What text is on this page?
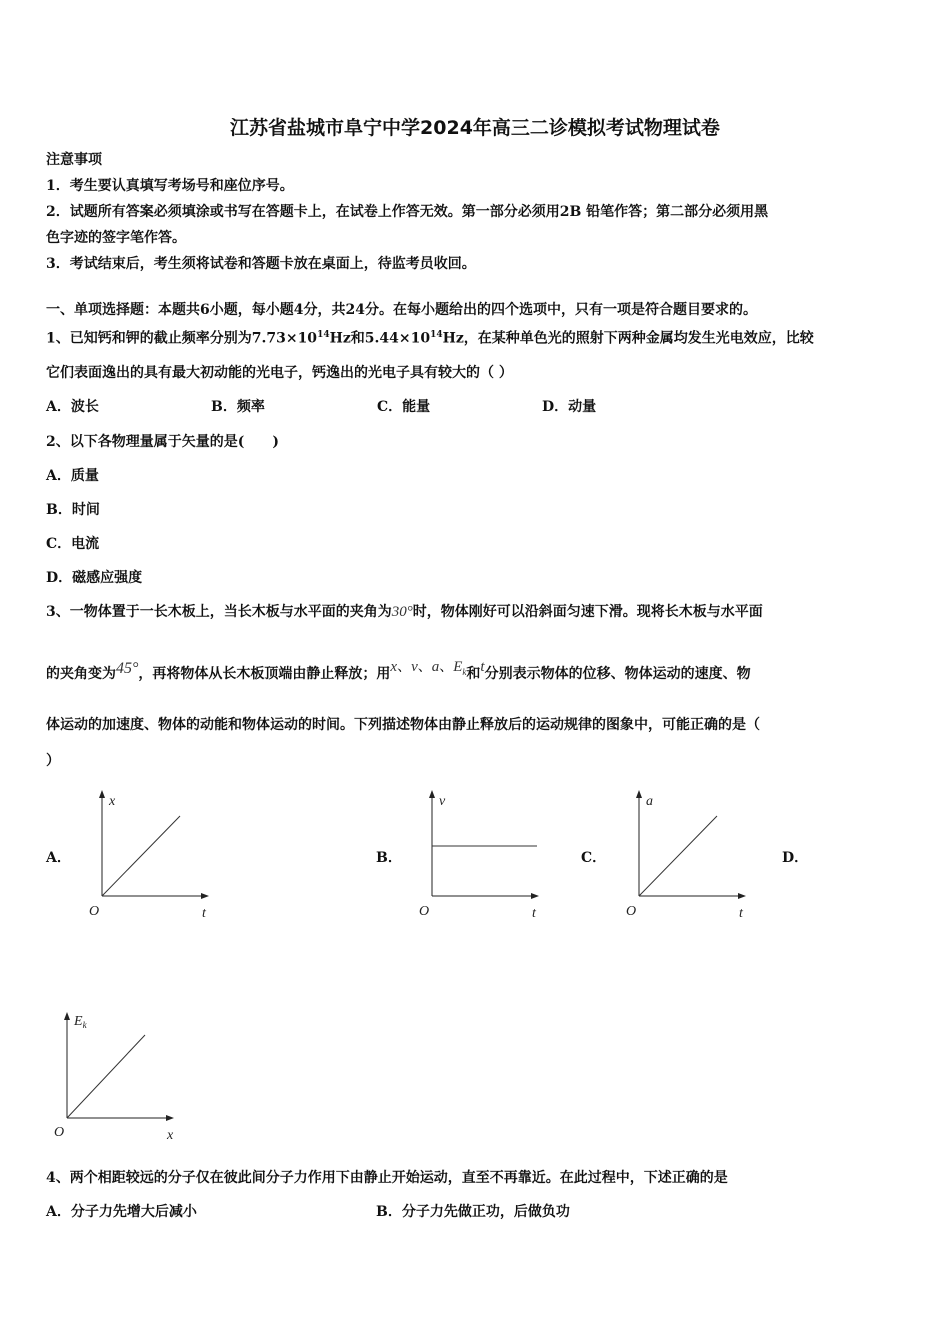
江苏省盐城市阜宁中学2024年高三二诊模拟考试物理试卷
注意事项
1．考生要认真填写考场号和座位序号。
2．试题所有答案必须填涂或书写在答题卡上，在试卷上作答无效。第一部分必须用2B 铅笔作答；第二部分必须用黑
色字迹的签字笔作答。
3．考试结束后，考生须将试卷和答题卡放在桌面上，待监考员收回。
一、单项选择题：本题共6小题，每小题4分，共24分。在每小题给出的四个选项中，只有一项是符合题目要求的。
1、已知钙和钾的截止频率分别为$7.73\times 10^{14}Hz$和$5.44\times 10^{14}Hz$，在某种单色光的照射下两种金属均发生光电效应，比较
它们表面逸出的具有最大初动能的光电子，钙逸出的光电子具有较大的（ ）
A．波长	B．频率	C．能量	D．动量
2、以下各物理量属于矢量的是(　　)
A．质量
B．时间
C．电流
D．磁感应强度
3、一物体置于一长木板上，当长木板与水平面的夹角为30°时，物体刚好可以沿斜面匀速下滑。现将长木板与水平面
的夹角变为45°，再将物体从长木板顶端由静止释放；用x、v、a、$E_k$和t分别表示物体的位移、物体运动的速度、物
体运动的加速度、物体的动能和物体运动的时间。下列描述物体由静止释放后的运动规律的图象中，可能正确的是（
）
A．	B．	C．	D．
x
t
O
v
t
O
a
t
O
$E_k$
x
O
4、两个相距较远的分子仅在彼此间分子力作用下由静止开始运动，直至不再靠近。在此过程中，下述正确的是
A．分子力先增大后减小	B．分子力先做正功，后做负功
